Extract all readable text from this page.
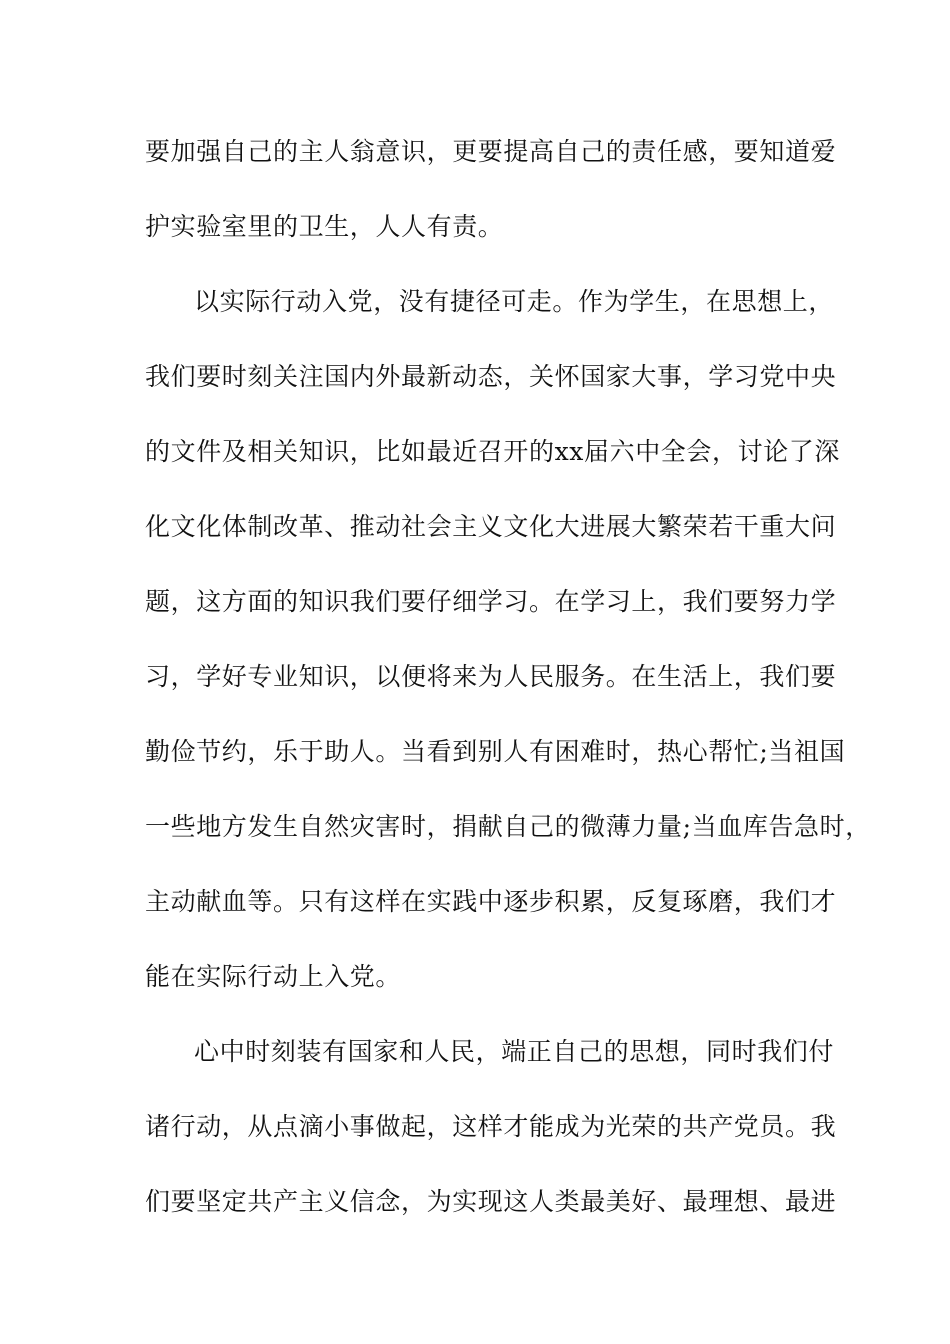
要加强自己的主人翁意识，更要提高自己的责任感，要知道爱
护实验室里的卫生，人人有责。
以实际行动入党，没有捷径可走。作为学生，在思想上，
我们要时刻关注国内外最新动态，关怀国家大事，学习党中央
的文件及相关知识，比如最近召开的xx届六中全会，讨论了深
化文化体制改革、推动社会主义文化大进展大繁荣若干重大问
题，这方面的知识我们要仔细学习。在学习上，我们要努力学
习，学好专业知识，以便将来为人民服务。在生活上，我们要
勤俭节约，乐于助人。当看到别人有困难时，热心帮忙;当祖国
一些地方发生自然灾害时，捐献自己的微薄力量;当血库告急时，
主动献血等。只有这样在实践中逐步积累，反复琢磨，我们才
能在实际行动上入党。
心中时刻装有国家和人民，端正自己的思想，同时我们付
诸行动，从点滴小事做起，这样才能成为光荣的共产党员。我
们要坚定共产主义信念，为实现这人类最美好、最理想、最进
